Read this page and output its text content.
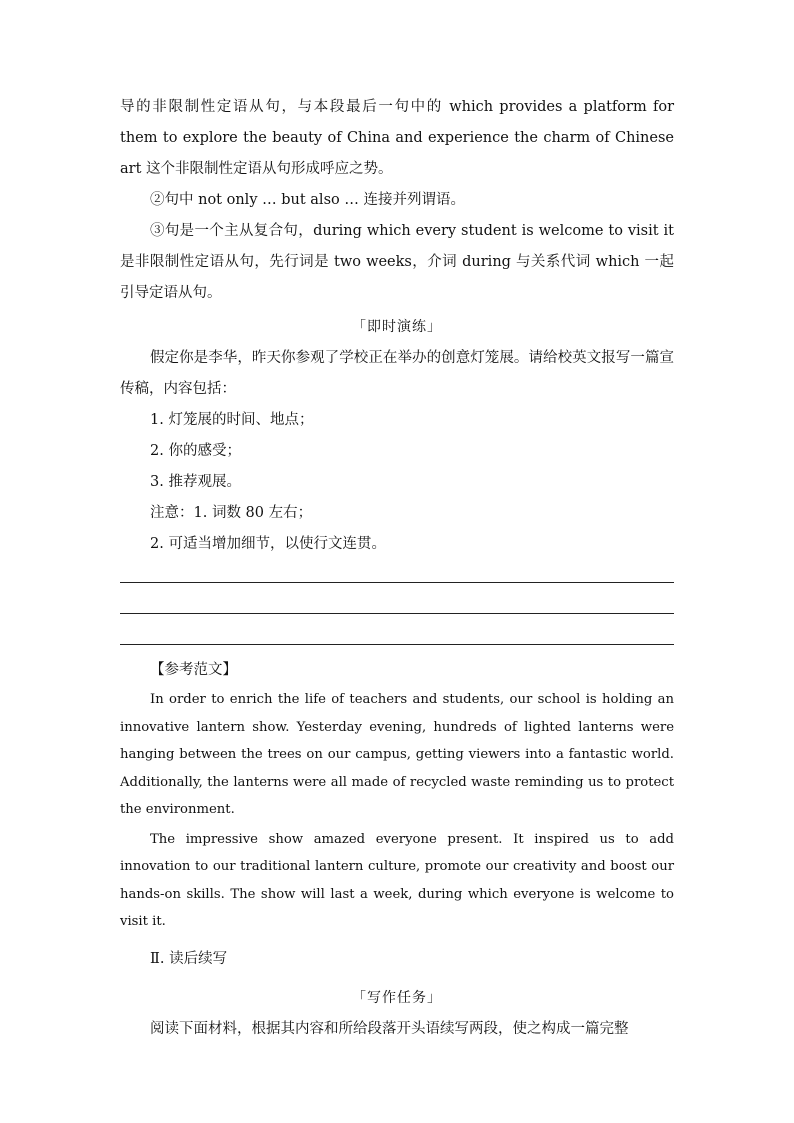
导的非限制性定语从句，与本段最后一句中的 which provides a platform for them to explore the beauty of China and experience the charm of Chinese art 这个非限制性定语从句形成呼应之势。

②句中 not only … but also … 连接并列谓语。

③句是一个主从复合句，during which every student is welcome to visit it 是非限制性定语从句，先行词是 two weeks，介词 during 与关系代词 which 一起引导定语从句。

「即时演练」

假定你是李华，昨天你参观了学校正在举办的创意灯笼展。请给校英文报写一篇宣传稿，内容包括：

1. 灯笼展的时间、地点；

2. 你的感受；

3. 推荐观展。

注意：1. 词数 80 左右；

2. 可适当增加细节，以使行文连贯。

【参考范文】

In order to enrich the life of teachers and students, our school is holding an innovative lantern show. Yesterday evening, hundreds of lighted lanterns were hanging between the trees on our campus, getting viewers into a fantastic world. Additionally, the lanterns were all made of recycled waste reminding us to protect the environment.

The impressive show amazed everyone present. It inspired us to add innovation to our traditional lantern culture, promote our creativity and boost our hands-on skills. The show will last a week, during which everyone is welcome to visit it.

Ⅱ. 读后续写

「写作任务」

阅读下面材料，根据其内容和所给段落开头语续写两段，使之构成一篇完整
